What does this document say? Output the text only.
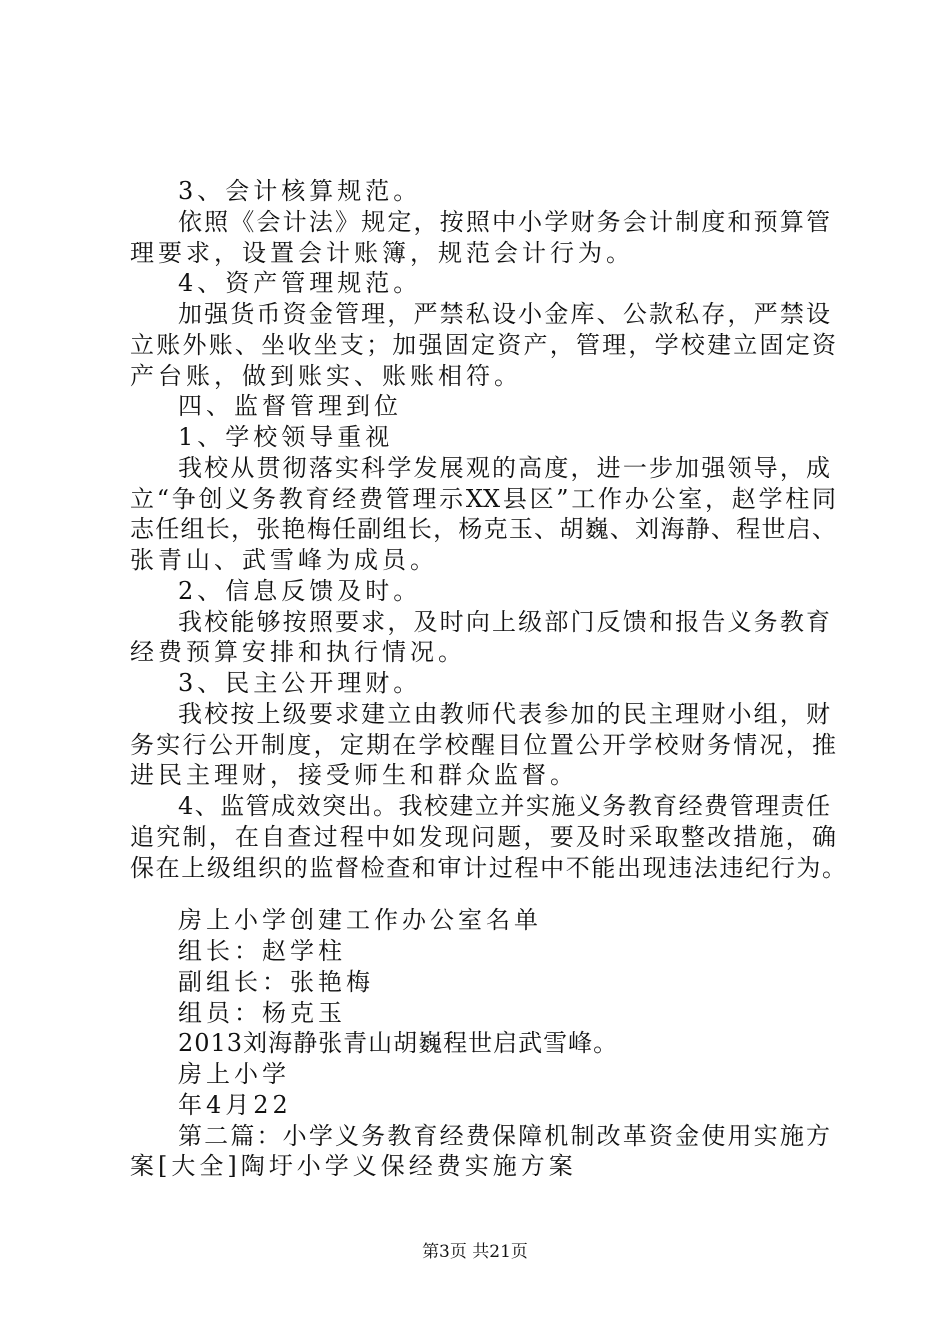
3、会计核算规范。
依照《会计法》规定，按照中小学财务会计制度和预算管
理要求，设置会计账簿，规范会计行为。
4、资产管理规范。
加强货币资金管理，严禁私设小金库、公款私存，严禁设
立账外账、坐收坐支；加强固定资产，管理，学校建立固定资
产台账，做到账实、账账相符。
四、监督管理到位
1、学校领导重视
我校从贯彻落实科学发展观的高度，进一步加强领导，成
立“争创义务教育经费管理示XX县区”工作办公室，赵学柱同
志任组长，张艳梅任副组长，杨克玉、胡巍、刘海静、程世启、
张青山、武雪峰为成员。
2、信息反馈及时。
我校能够按照要求，及时向上级部门反馈和报告义务教育
经费预算安排和执行情况。
3、民主公开理财。
我校按上级要求建立由教师代表参加的民主理财小组，财
务实行公开制度，定期在学校醒目位置公开学校财务情况，推
进民主理财，接受师生和群众监督。
4、监管成效突出。我校建立并实施义务教育经费管理责任
追究制，在自查过程中如发现问题，要及时采取整改措施，确
保在上级组织的监督检查和审计过程中不能出现违法违纪行为。
房上小学创建工作办公室名单
组长：赵学柱
副组长：张艳梅
组员：杨克玉
2013刘海静张青山胡巍程世启武雪峰。
房上小学
年4月22
第二篇：小学义务教育经费保障机制改革资金使用实施方
案[大全]陶圩小学义保经费实施方案
第3页 共21页
